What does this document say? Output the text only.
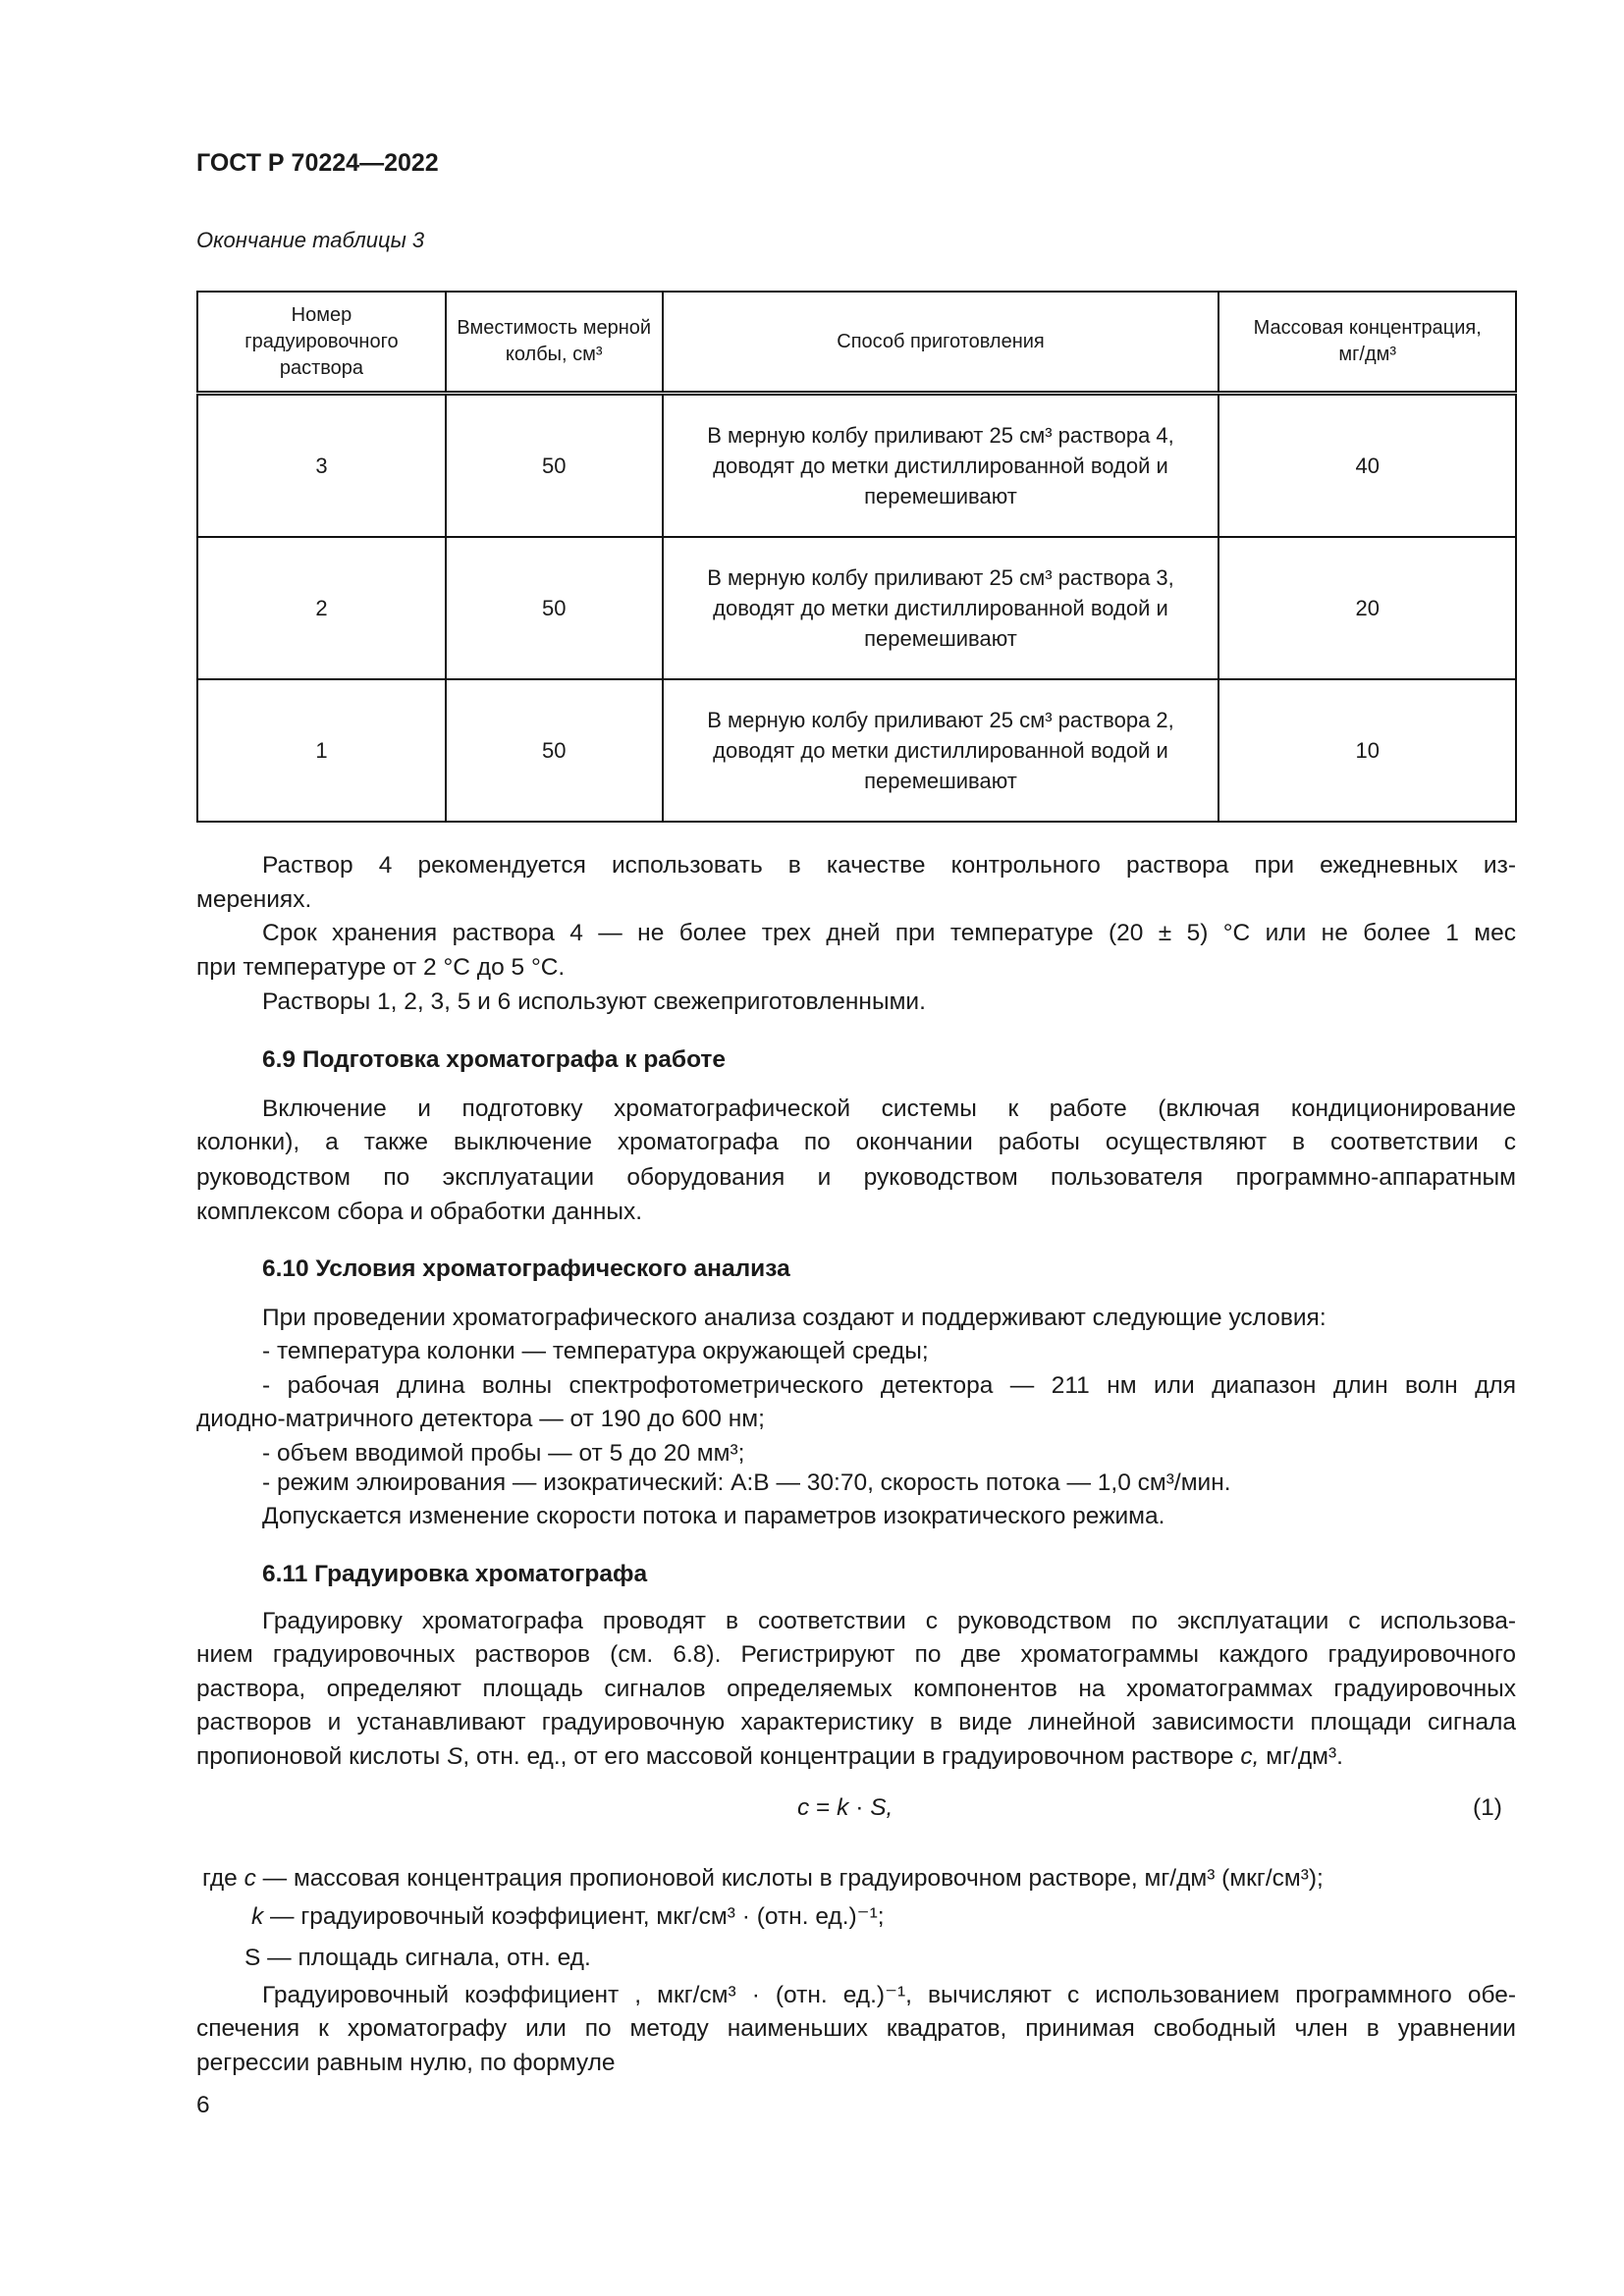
ГОСТ Р 70224—2022
Окончание таблицы 3
Номер градуировочного раствора	Вместимость мерной колбы, см³	Способ приготовления	Массовая концентрация, мг/дм³
3	50	В мерную колбу приливают 25 см³ раствора 4, доводят до метки дистиллированной водой и перемешивают	40
2	50	В мерную колбу приливают 25 см³ раствора 3, доводят до метки дистиллированной водой и перемешивают	20
1	50	В мерную колбу приливают 25 см³ раствора 2, доводят до метки дистиллированной водой и перемешивают	10
Раствор 4 рекомендуется использовать в качестве контрольного раствора при ежедневных из-
мерениях.
Срок хранения раствора 4 — не более трех дней при температуре (20 ± 5) °С или не более 1 мес
при температуре от 2 °С до 5 °С.
Растворы 1, 2, 3, 5 и 6 используют свежеприготовленными.
6.9 Подготовка хроматографа к работе
Включение и подготовку хроматографической системы к работе (включая кондиционирование
колонки), а также выключение хроматографа по окончании работы осуществляют в соответствии с
руководством по эксплуатации оборудования и руководством пользователя программно-аппаратным
комплексом сбора и обработки данных.
6.10 Условия хроматографического анализа
При проведении хроматографического анализа создают и поддерживают следующие условия:
- температура колонки — температура окружающей среды;
- рабочая длина волны спектрофотометрического детектора — 211 нм или диапазон длин волн для
диодно-матричного детектора — от 190 до 600 нм;
- объем вводимой пробы — от 5 до 20 мм³;
- режим элюирования — изократический: А:В — 30:70, скорость потока — 1,0 см³/мин.
Допускается изменение скорости потока и параметров изократического режима.
6.11 Градуировка хроматографа
Градуировку хроматографа проводят в соответствии с руководством по эксплуатации с использова-
нием градуировочных растворов (см. 6.8). Регистрируют по две хроматограммы каждого градуировочного
раствора, определяют площадь сигналов определяемых компонентов на хроматограммах градуировочных
растворов и устанавливают градуировочную характеристику в виде линейной зависимости площади сигнала
пропионовой кислоты S, отн. ед., от его массовой концентрации в градуировочном растворе c, мг/дм³.
c = k · S,	(1)
где c — массовая концентрация пропионовой кислоты в градуировочном растворе, мг/дм³ (мкг/см³);
k — градуировочный коэффициент, мкг/см³ · (отн. ед.)⁻¹;
S — площадь сигнала, отн. ед.
Градуировочный коэффициент , мкг/см³ · (отн. ед.)⁻¹, вычисляют с использованием программного обе-
спечения к хроматографу или по методу наименьших квадратов, принимая свободный член в уравнении
регрессии равным нулю, по формуле
6
